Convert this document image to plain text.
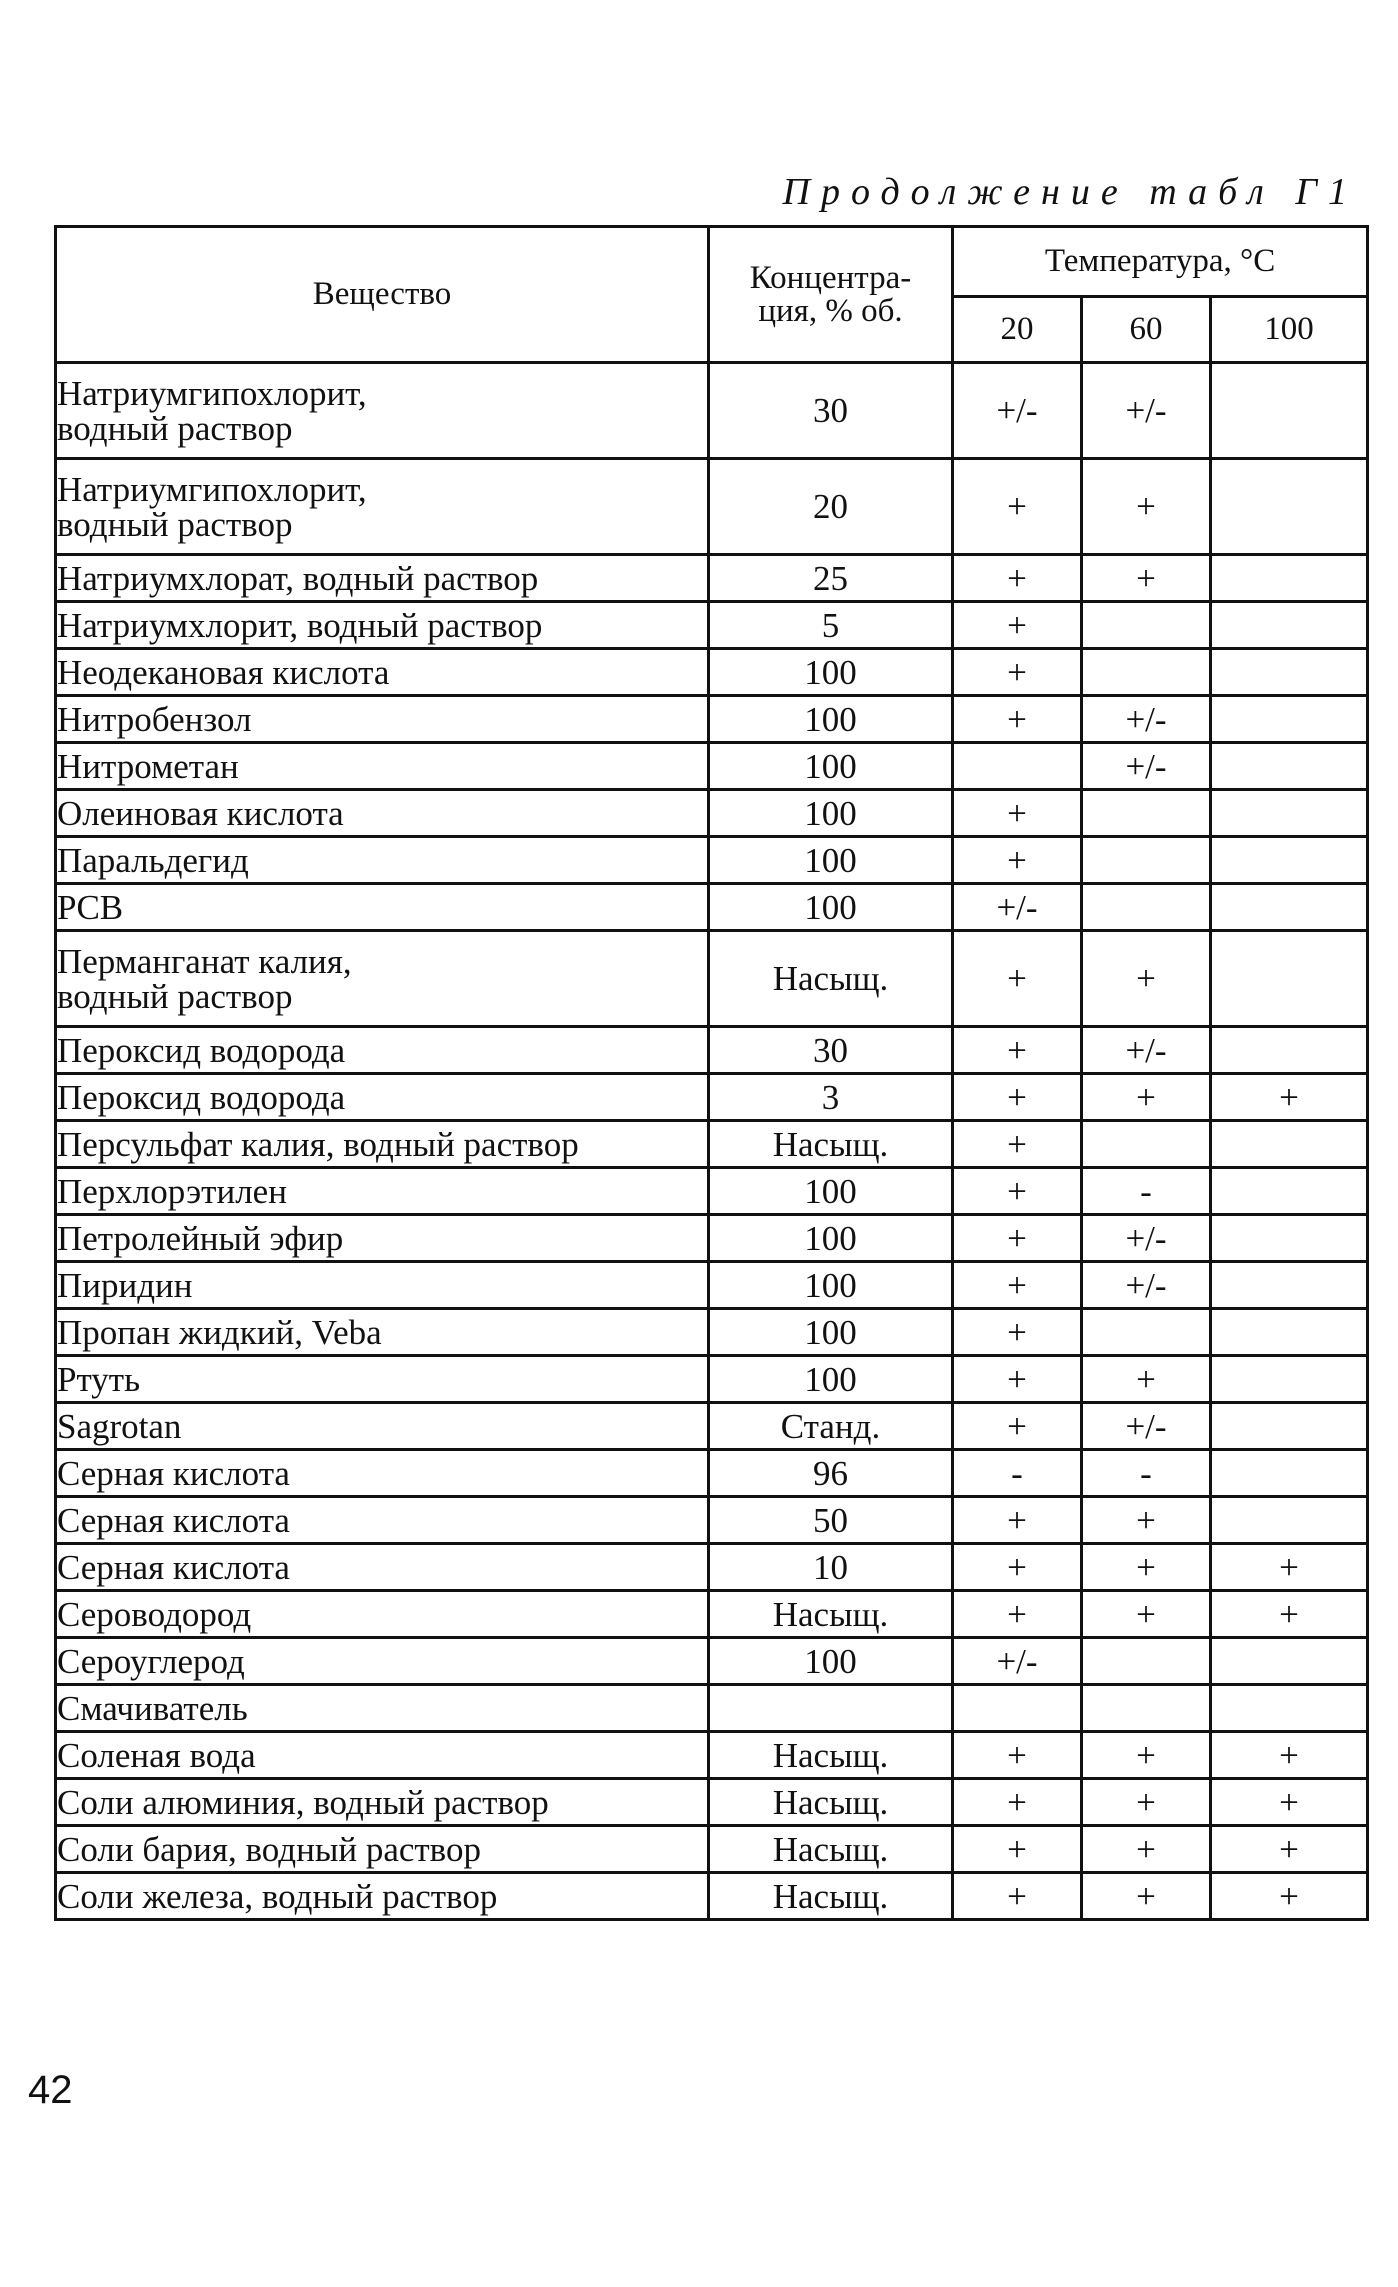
Продолжение табл Г1
Вещество	Концентра-
ция, % об.	Температура, °С		
		20	60	100
Натриумгипохлорит,
водный раствор	30	+/-	+/-	
Натриумгипохлорит,
водный раствор	20	+	+	
Натриумхлорат, водный раствор	25	+	+	
Натриумхлорит, водный раствор	5	+		
Неодекановая кислота	100	+		
Нитробензол	100	+	+/-	
Нитрометан	100		+/-	
Олеиновая кислота	100	+		
Паральдегид	100	+		
PCB	100	+/-		
Перманганат калия,
водный раствор	Насыщ.	+	+	
Пероксид водорода	30	+	+/-	
Пероксид водорода	3	+	+	+
Персульфат калия, водный раствор	Насыщ.	+		
Перхлорэтилен	100	+	-	
Петролейный эфир	100	+	+/-	
Пиридин	100	+	+/-	
Пропан жидкий, Veba	100	+		
Ртуть	100	+	+	
Sagrotan	Станд.	+	+/-	
Серная кислота	96	-	-	
Серная кислота	50	+	+	
Серная кислота	10	+	+	+
Сероводород	Насыщ.	+	+	+
Сероуглерод	100	+/-		
Смачиватель				
Соленая вода	Насыщ.	+	+	+
Соли алюминия, водный раствор	Насыщ.	+	+	+
Соли бария, водный раствор	Насыщ.	+	+	+
Соли железа, водный раствор	Насыщ.	+	+	+
42
